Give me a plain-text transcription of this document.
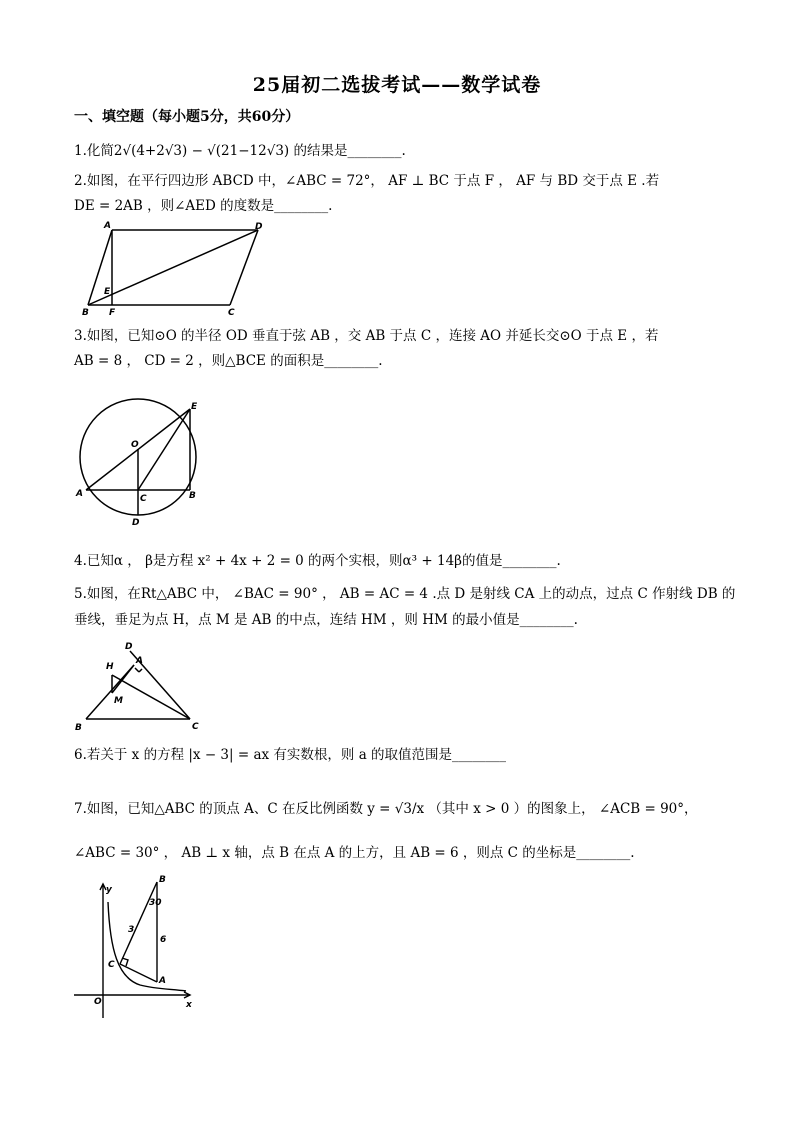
25届初二选拔考试——数学试卷
一、填空题（每小题5分，共60分）
1.化简2√(4+2√3) − √(21−12√3) 的结果是________.
2.如图，在平行四边形 ABCD 中，∠ABC = 72°， AF ⊥ BC 于点 F ， AF 与 BD 交于点 E .若
DE = 2AB ，则∠AED 的度数是________.
A	D
B F	C
E
3.如图，已知⊙O 的半径 OD 垂直于弦 AB ，交 AB 于点 C ，连接 AO 并延长交⊙O 于点 E ，若
AB = 8 ， CD = 2 ，则△BCE 的面积是________.
O
E
A	C	B
D
4.已知α ， β是方程 x² + 4x + 2 = 0 的两个实根，则α³ + 14β的值是________.
5.如图，在Rt△ABC 中， ∠BAC = 90° ， AB = AC = 4 .点 D 是射线 CA 上的动点，过点 C 作射线 DB 的
垂线，垂足为点 H，点 M 是 AB 的中点，连结 HM ，则 HM 的最小值是________.
D
A
H
M
B	C
6.若关于 x 的方程 |x − 3| = ax 有实数根，则 a 的取值范围是________
7.如图，已知△ABC 的顶点 A、C 在反比例函数 y = √3/x （其中 x > 0 ）的图象上， ∠ACB = 90°，
∠ABC = 30° ， AB ⊥ x 轴，点 B 在点 A 的上方，且 AB = 6 ，则点 C 的坐标是________.
y
x
O
B
A
C
30
3
6
